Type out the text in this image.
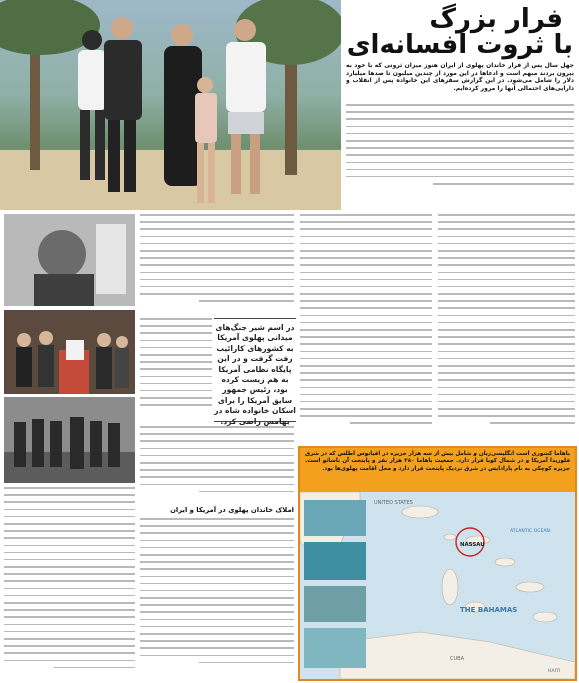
فرار بزرگ
با ثروت افسانه‌ای
جهل سال پس از فرار خاندان پهلوی از ایران هنوز میزان ثروتی که با خود به بیرون بردند مبهم است و ادعاها در این مورد از چندین میلیون تا صدها میلیارد دلار را شامل می‌شود. در این گزارش سفرهای این خانواده پس از انقلاب و دارایی‌های احتمالی آنها را مرور کرده‌ایم.
در اسم شیر جنگ‌های میدانی پهلوی آمریکا به کشورهای کارائیب رفت گرفت و در این پایگاه نظامی آمریکا به هم زیست کرده بود، رئیس جمهور سابق آمریکا را برای اسکان خانواده شاه در بهامس راضی کرد.
املاک خاندان پهلوی در آمریکا و ایران
باهاما کشوری است انگلیسی‌زبان و شامل بیش از سه هزار جزیره در اقیانوس اطلس که در شرق فلوریدا آمریکا و در شمال کوبا قرار دارد. جمعیت باهاما ۳۸۰ هزار نفر و پایتخت آن ناسائو است. جزیره کوچکی به نام پارادایس در شرق نزدیک پایتخت قرار دارد و محل اقامت پهلوی‌ها بود.
UNITED STATES
NASSAU
THE BAHAMAS
ATLANTIC OCEAN
CUBA
HAITI
